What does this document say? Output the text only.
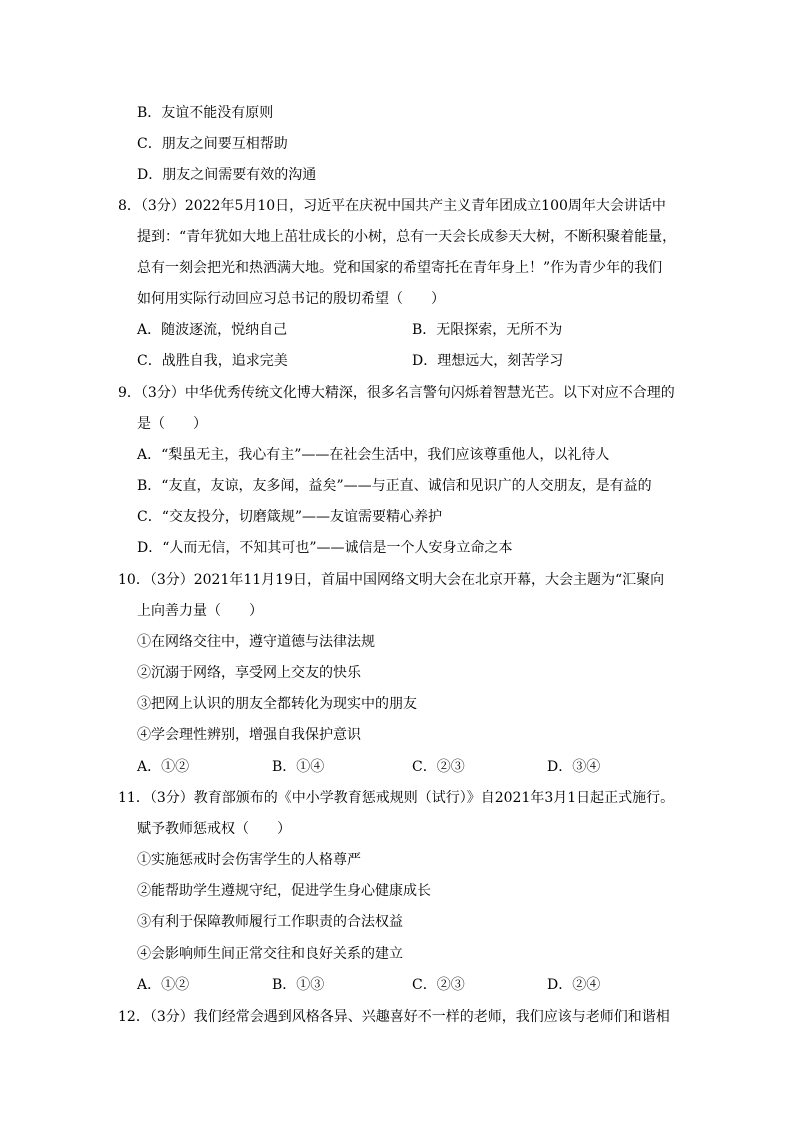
B．友谊不能没有原则
C．朋友之间要互相帮助
D．朋友之间需要有效的沟通
8．（3分）2022年5月10日，习近平在庆祝中国共产主义青年团成立100周年大会讲话中
提到：“青年犹如大地上茁壮成长的小树，总有一天会长成参天大树，不断积聚着能量，
总有一刻会把光和热洒满大地。党和国家的希望寄托在青年身上！”作为青少年的我们
如何用实际行动回应习总书记的殷切希望（　　）
A．随波逐流，悦纳自己	B．无限探索，无所不为
C．战胜自我，追求完美	D．理想远大，刻苦学习
9．（3分）中华优秀传统文化博大精深，很多名言警句闪烁着智慧光芒。以下对应不合理的
是（　　）
A．“梨虽无主，我心有主”——在社会生活中，我们应该尊重他人，以礼待人
B．“友直，友谅，友多闻，益矣”——与正直、诚信和见识广的人交朋友，是有益的
C．“交友投分，切磨箴规”——友谊需要精心养护
D．“人而无信，不知其可也”——诚信是一个人安身立命之本
10．（3分）2021年11月19日，首届中国网络文明大会在北京开幕，大会主题为“汇聚向
上向善力量（　　）
①在网络交往中，遵守道德与法律法规
②沉溺于网络，享受网上交友的快乐
③把网上认识的朋友全都转化为现实中的朋友
④学会理性辨别，增强自我保护意识
A．①②	B．①④	C．②③	D．③④
11．（3分）教育部颁布的《中小学教育惩戒规则（试行）》自2021年3月1日起正式施行。
赋予教师惩戒权（　　）
①实施惩戒时会伤害学生的人格尊严
②能帮助学生遵规守纪，促进学生身心健康成长
③有利于保障教师履行工作职责的合法权益
④会影响师生间正常交往和良好关系的建立
A．①②	B．①③	C．②③	D．②④
12．（3分）我们经常会遇到风格各异、兴趣喜好不一样的老师，我们应该与老师们和谐相
